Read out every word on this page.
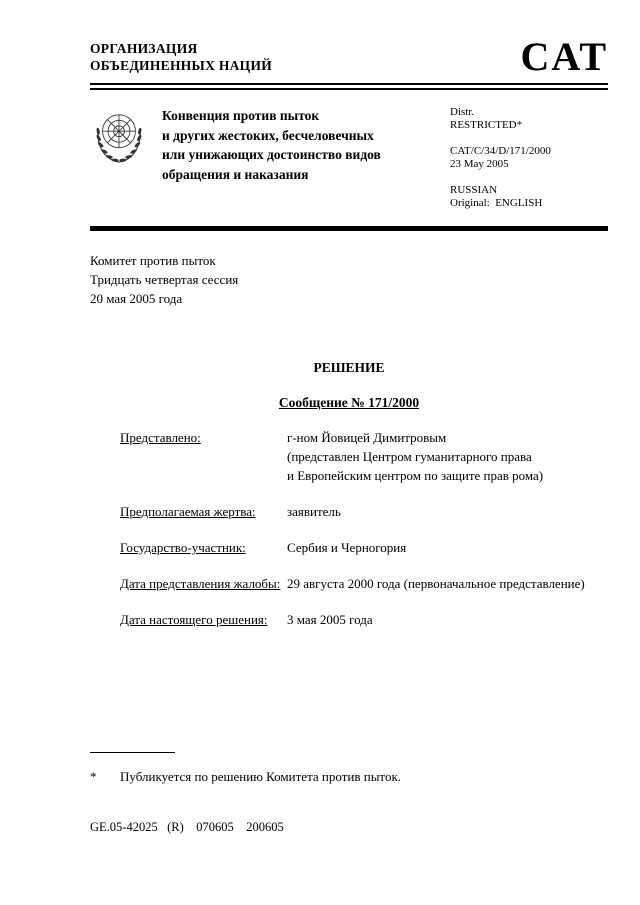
ОРГАНИЗАЦИЯ
ОБЪЕДИНЕННЫХ НАЦИЙ	CAT
Конвенция против пыток
и других жестоких, бесчеловечных
или унижающих достоинство видов
обращения и наказания
Distr.
RESTRICTED*
CAT/C/34/D/171/2000
23 May 2005
RUSSIAN
Original:  ENGLISH
Комитет против пыток
Тридцать четвертая сессия
20 мая 2005 года
РЕШЕНИЕ
Сообщение № 171/2000
Представлено:	г-ном Йовицей Димитровым
(представлен Центром гуманитарного права
и Европейским центром по защите прав рома)
Предполагаемая жертва:	заявитель
Государство-участник:	Сербия и Черногория
Дата представления жалобы: 29 августа 2000 года (первоначальное представление)
Дата настоящего решения:	3 мая 2005 года
*	Публикуется по решению Комитета против пыток.
GE.05-42025   (R)    070605    200605
